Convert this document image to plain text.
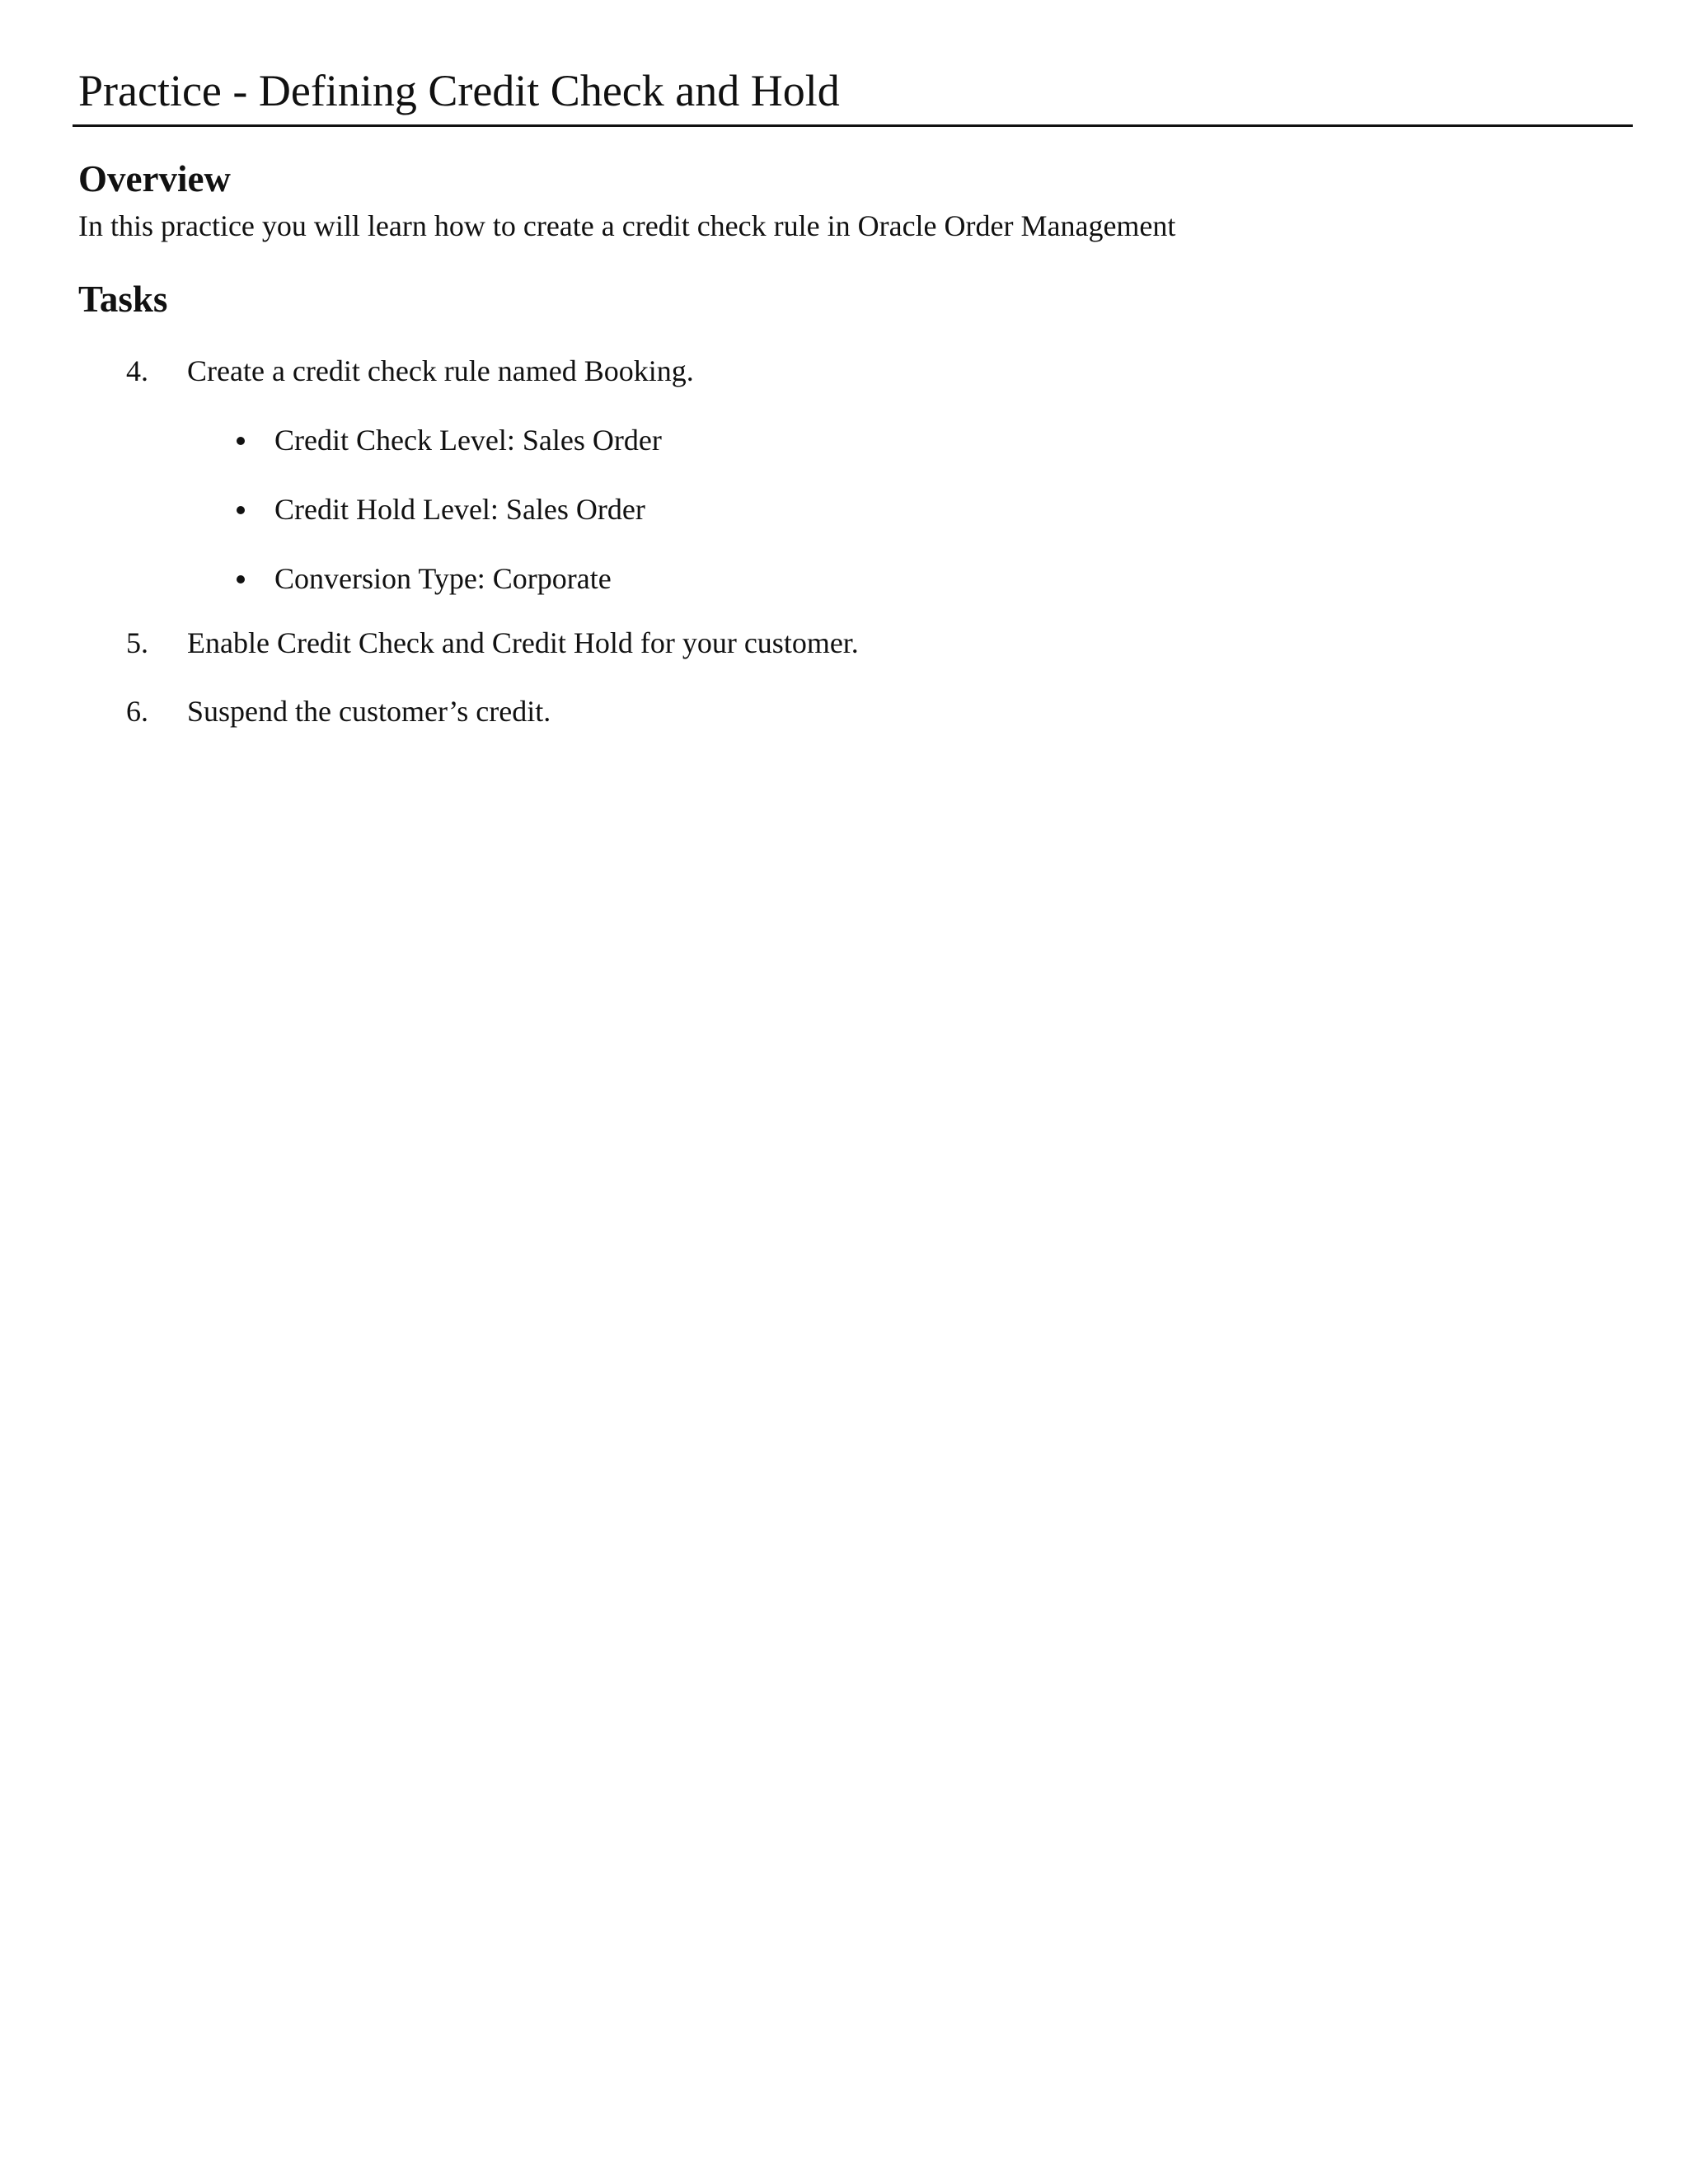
Practice - Defining Credit Check and Hold
Overview
In this practice you will learn how to create a credit check rule in Oracle Order Management
Tasks
4. Create a credit check rule named Booking.
Credit Check Level: Sales Order
Credit Hold Level: Sales Order
Conversion Type: Corporate
5. Enable Credit Check and Credit Hold for your customer.
6. Suspend the customer’s credit.
